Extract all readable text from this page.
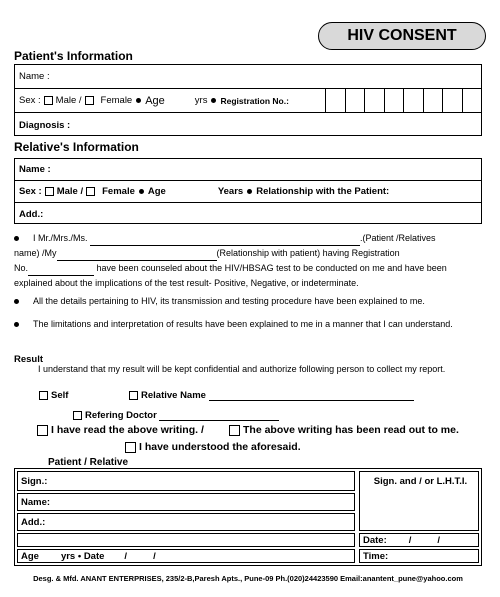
HIV CONSENT
Patient's Information
Name :
Sex : Male / Female Age	yrs Registration No.:
Diagnosis :
Relative's Information
Name :
Sex : Male / Female Age	Years Relationship with the Patient:
Add.:
I Mr./Mrs./Ms.	.(Patient /Relatives
name) /My	(Relationship with patient) having Registration
No.	have been counseled about the HIV/HBSAG test to be conducted on me and have been explained about the implications of the test result- Positive, Negative, or indeterminate.
All the details pertaining to HIV, its transmission and testing procedure have been explained to me.
The limitations and interpretation of results have been explained to me in a manner that I can understand.
Result
I understand that my result will be kept confidential and authorize following person to collect my report.
Self	Relative Name
Refering Doctor
I have read the above writing. /	The above writing has been read out to me.
I have understood the aforesaid.
Patient / Relative
Sign.:
Name:
Add.:
Age yrs • Date /	/
Sign. and / or L.H.T.I.
Date: /	/
Time:
Desg. & Mfd. ANANT ENTERPRISES, 235/2-B,Paresh Apts., Pune-09 Ph.(020)24423590 Email:anantent_pune@yahoo.com
